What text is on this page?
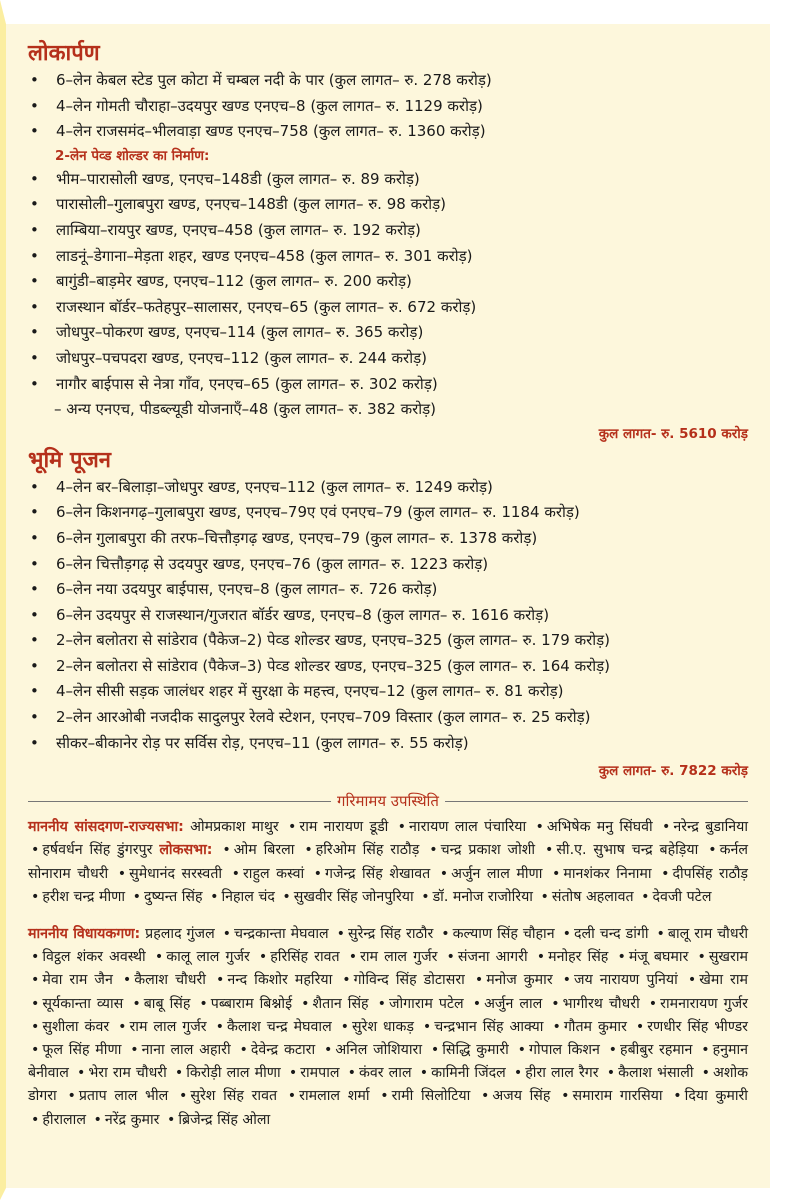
लोकार्पण
• 6–लेन केबल स्टेड पुल कोटा में चम्बल नदी के पार (कुल लागत– रु. 278 करोड़)
• 4–लेन गोमती चौराहा–उदयपुर खण्ड एनएच–8 (कुल लागत– रु. 1129 करोड़)
• 4–लेन राजसमंद–भीलवाड़ा खण्ड एनएच–758 (कुल लागत– रु. 1360 करोड़)
2-लेन पेव्ड शोल्डर का निर्माण:
• भीम–पारासोली खण्ड, एनएच–148डी (कुल लागत– रु. 89 करोड़)
• पारासोली–गुलाबपुरा खण्ड, एनएच–148डी (कुल लागत– रु. 98 करोड़)
• लाम्बिया–रायपुर खण्ड, एनएच–458 (कुल लागत– रु. 192 करोड़)
• लाडनूं–डेगाना–मेड़ता शहर, खण्ड एनएच–458 (कुल लागत– रु. 301 करोड़)
• बागुंडी–बाड़मेर खण्ड, एनएच–112 (कुल लागत– रु. 200 करोड़)
• राजस्थान बॉर्डर–फतेहपुर–सालासर, एनएच–65 (कुल लागत– रु. 672 करोड़)
• जोधपुर–पोकरण खण्ड, एनएच–114 (कुल लागत– रु. 365 करोड़)
• जोधपुर–पचपदरा खण्ड, एनएच–112 (कुल लागत– रु. 244 करोड़)
• नागौर बाईपास से नेत्रा गाँव, एनएच–65 (कुल लागत– रु. 302 करोड़)
– अन्य एनएच, पीडब्ल्यूडी योजनाएँ–48 (कुल लागत– रु. 382 करोड़)
कुल लागत- रु. 5610 करोड़
भूमि पूजन
• 4–लेन बर–बिलाड़ा–जोधपुर खण्ड, एनएच–112 (कुल लागत– रु. 1249 करोड़)
• 6–लेन किशनगढ़–गुलाबपुरा खण्ड, एनएच–79ए एवं एनएच–79 (कुल लागत– रु. 1184 करोड़)
• 6–लेन गुलाबपुरा की तरफ–चित्तौड़गढ़ खण्ड, एनएच–79 (कुल लागत– रु. 1378 करोड़)
• 6–लेन चित्तौड़गढ़ से उदयपुर खण्ड, एनएच–76 (कुल लागत– रु. 1223 करोड़)
• 6–लेन नया उदयपुर बाईपास, एनएच–8 (कुल लागत– रु. 726 करोड़)
• 6–लेन उदयपुर से राजस्थान/गुजरात बॉर्डर खण्ड, एनएच–8 (कुल लागत– रु. 1616 करोड़)
• 2–लेन बलोतरा से सांडेराव (पैकेज–2) पेव्ड शोल्डर खण्ड, एनएच–325 (कुल लागत– रु. 179 करोड़)
• 2–लेन बलोतरा से सांडेराव (पैकेज–3) पेव्ड शोल्डर खण्ड, एनएच–325 (कुल लागत– रु. 164 करोड़)
• 4–लेन सीसी सड़क जालंधर शहर में सुरक्षा के महत्त्व, एनएच–12 (कुल लागत– रु. 81 करोड़)
• 2–लेन आरओबी नजदीक सादुलपुर रेलवे स्टेशन, एनएच–709 विस्तार (कुल लागत– रु. 25 करोड़)
• सीकर–बीकानेर रोड़ पर सर्विस रोड़, एनएच–11 (कुल लागत– रु. 55 करोड़)
कुल लागत- रु. 7822 करोड़
गरिमामय उपस्थिति
माननीय सांसदगण-राज्यसभा: ओमप्रकाश माथुर • राम नारायण डूडी • नारायण लाल पंचारिया • अभिषेक मनु सिंघवी • नरेन्द्र बुडानिया • हर्षवर्धन सिंह डुंगरपुर लोकसभा: • ओम बिरला • हरिओम सिंह राठौड़ • चन्द्र प्रकाश जोशी • सी.ए. सुभाष चन्द्र बहेड़िया • कर्नल सोनाराम चौधरी • सुमेधानंद सरस्वती • राहुल कस्वां • गजेन्द्र सिंह शेखावत • अर्जुन लाल मीणा • मानशंकर निनामा • दीपसिंह राठौड़ • हरीश चन्द्र मीणा • दुष्यन्त सिंह • निहाल चंद • सुखवीर सिंह जोनपुरिया • डॉ. मनोज राजोरिया • संतोष अहलावत • देवजी पटेल
माननीय विधायकगण: प्रहलाद गुंजल • चन्द्रकान्ता मेघवाल • सुरेन्द्र सिंह राठौर • कल्याण सिंह चौहान • दली चन्द डांगी • बालू राम चौधरी • विट्ठल शंकर अवस्थी • कालू लाल गुर्जर • हरिसिंह रावत • राम लाल गुर्जर • संजना आगरी • मनोहर सिंह • मंजू बघमार • सुखराम • मेवा राम जैन • कैलाश चौधरी • नन्द किशोर महरिया • गोविन्द सिंह डोटासरा • मनोज कुमार • जय नारायण पुनियां • खेमा राम • सूर्यकान्ता व्यास • बाबू सिंह • पब्बाराम बिश्नोई • शैतान सिंह • जोगाराम पटेल • अर्जुन लाल • भागीरथ चौधरी • रामनारायण गुर्जर • सुशीला कंवर • राम लाल गुर्जर • कैलाश चन्द्र मेघवाल • सुरेश धाकड़ • चन्द्रभान सिंह आक्या • गौतम कुमार • रणधीर सिंह भीण्डर • फूल सिंह मीणा • नाना लाल अहारी • देवेन्द्र कटारा • अनिल जोशियारा • सिद्धि कुमारी • गोपाल किशन • हबीबुर रहमान • हनुमान बेनीवाल • भेरा राम चौधरी • किरोड़ी लाल मीणा • रामपाल • कंवर लाल • कामिनी जिंदल • हीरा लाल रैगर • कैलाश भंसाली • अशोक डोगरा • प्रताप लाल भील • सुरेश सिंह रावत • रामलाल शर्मा • रामी सिलोटिया • अजय सिंह • समाराम गारसिया • दिया कुमारी • हीरालाल • नरेंद्र कुमार • ब्रिजेन्द्र सिंह ओला
